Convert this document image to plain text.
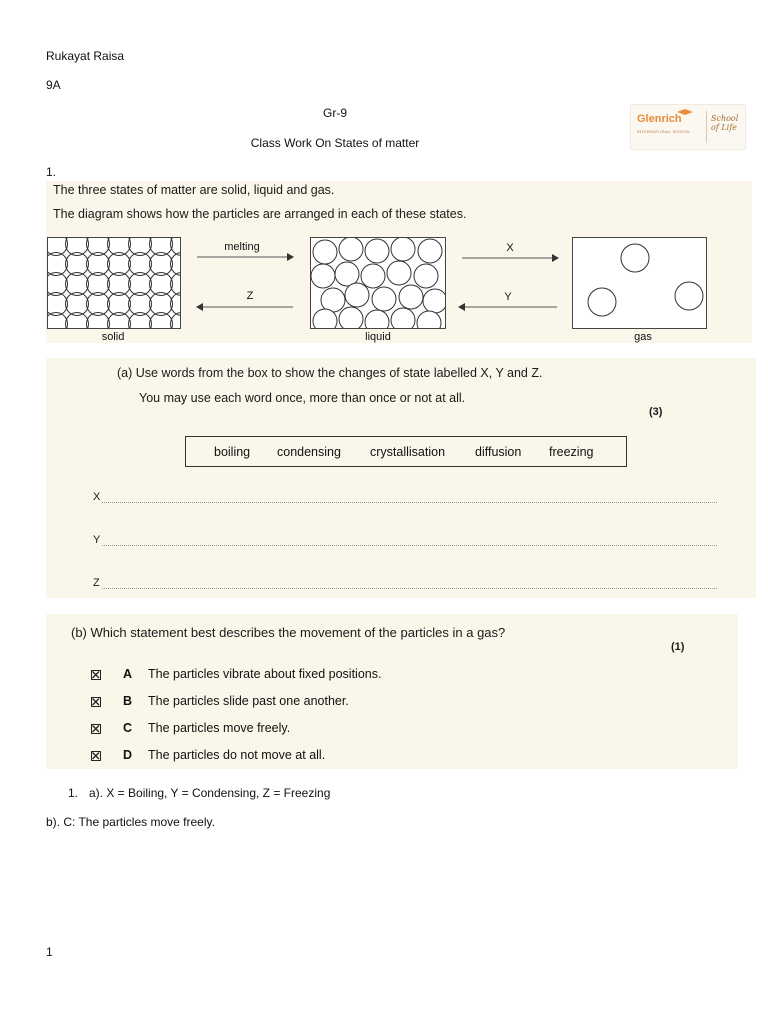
Rukayat Raisa
9A
Gr-9
Class Work On States of matter
Glenrich
INTERNATIONAL SCHOOL
School
of Life
1.
The three states of matter are solid, liquid and gas.
The diagram shows how the particles are arranged in each of these states.
melting
Z
X
Y
solid	liquid	gas
(a) Use words from the box to show the changes of state labelled X, Y and Z.
You may use each word once, more than once or not at all.
(3)
boiling condensing crystallisation diffusion freezing
X
Y
Z
(b) Which statement best describes the movement of the particles in a gas?
(1)
A The particles vibrate about fixed positions.
B The particles slide past one another.
C The particles move freely.
D The particles do not move at all.
1. a). X = Boiling, Y = Condensing, Z = Freezing
b). C: The particles move freely.
1
